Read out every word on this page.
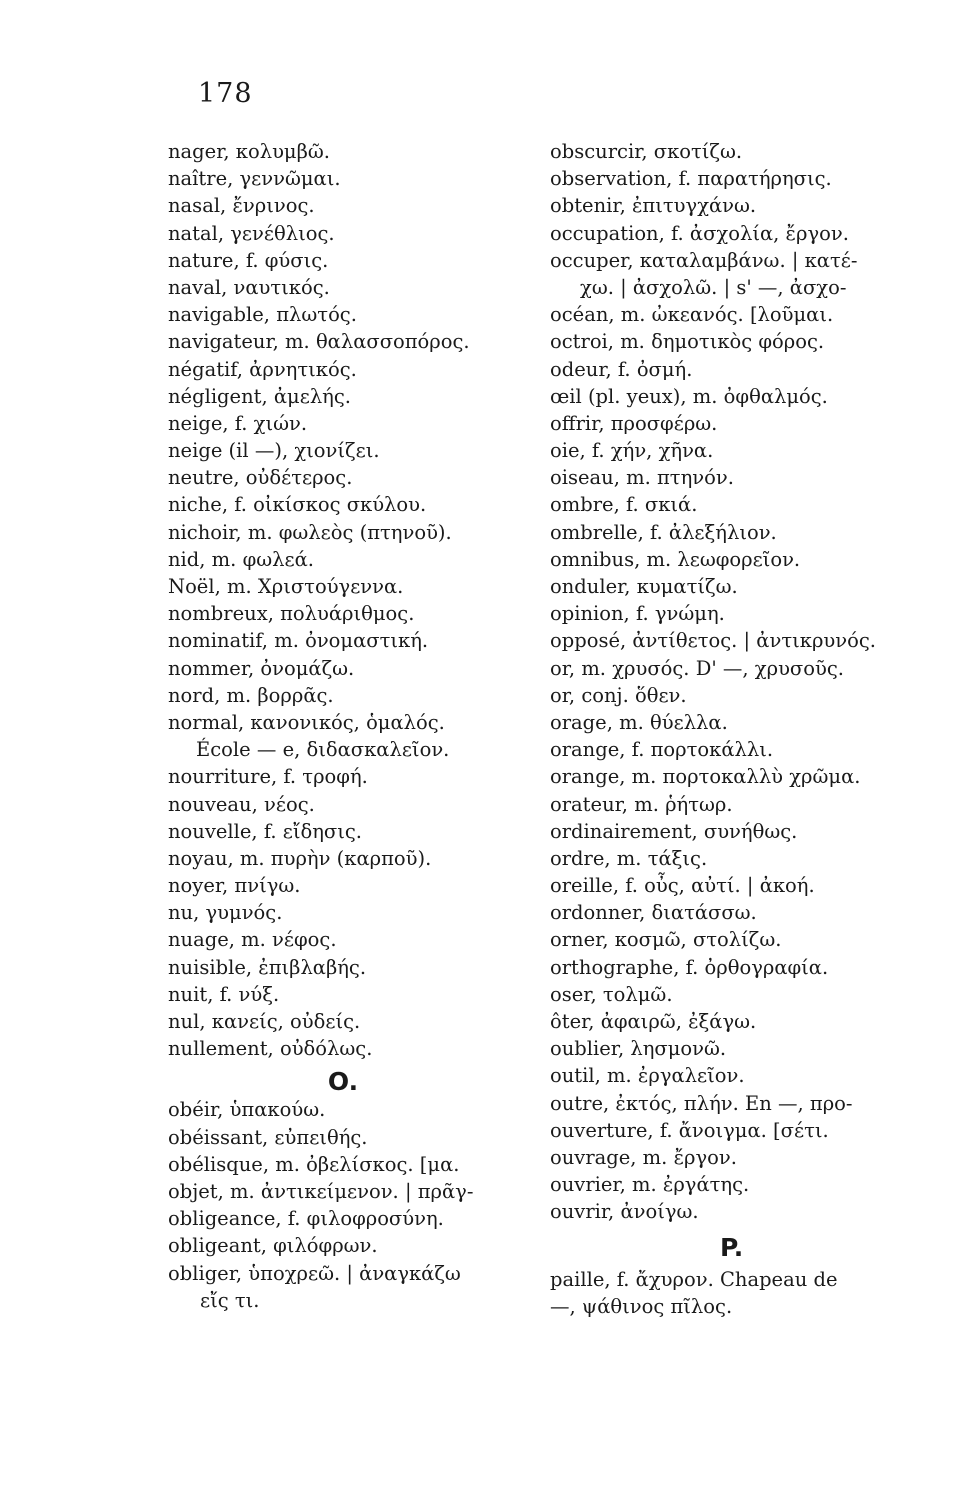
178
nager, κολυμβῶ.
naître, γεννῶμαι.
nasal, ἔνρινος.
natal, γενέθλιος.
nature, f. φύσις.
naval, ναυτικός.
navigable, πλωτός.
navigateur, m. θαλασσοπόρος.
négatif, ἀρνητικός.
négligent, ἀμελής.
neige, f. χιών.
neige (il —), χιονίζει.
neutre, οὐδέτερος.
niche, f. οἰκίσκος σκύλου.
nichoir, m. φωλεὸς (πτηνοῦ).
nid, m. φωλεά.
Noël, m. Χριστούγεννα.
nombreux, πολυάριθμος.
nominatif, m. ὀνομαστική.
nommer, ὀνομάζω.
nord, m. βορρᾶς.
normal, κανονικός, ὁμαλός.
École — e, διδασκαλεῖον.
nourriture, f. τροφή.
nouveau, νέος.
nouvelle, f. εἴδησις.
noyau, m. πυρὴν (καρποῦ).
noyer, πνίγω.
nu, γυμνός.
nuage, m. νέφος.
nuisible, ἐπιβλαβής.
nuit, f. νύξ.
nul, κανείς, οὐδείς.
nullement, οὐδόλως.
O.
obéir, ὑπακούω.
obéissant, εὐπειθής.
obélisque, m. ὀβελίσκος. [μα.
objet, m. ἀντικείμενον. | πρᾶγ-
obligeance, f. φιλοφροσύνη.
obligeant, φιλόφρων.
obliger, ὑποχρεῶ. | ἀναγκάζω
εἴς τι.
obscurcir, σκοτίζω.
observation, f. παρατήρησις.
obtenir, ἐπιτυγχάνω.
occupation, f. ἀσχολία, ἔργον.
occuper, καταλαμβάνω. | κατέ-
χω. | ἀσχολῶ. | s' —, ἀσχο-
océan, m. ὠκεανός. [λοῦμαι.
octroi, m. δημοτικὸς φόρος.
odeur, f. ὀσμή.
œil (pl. yeux), m. ὀφθαλμός.
offrir, προσφέρω.
oie, f. χήν, χῆνα.
oiseau, m. πτηνόν.
ombre, f. σκιά.
ombrelle, f. ἀλεξήλιον.
omnibus, m. λεωφορεῖον.
onduler, κυματίζω.
opinion, f. γνώμη.
opposé, ἀντίθετος. | ἀντικρυνός.
or, m. χρυσός. D' —, χρυσοῦς.
or, conj. ὅθεν.
orage, m. θύελλα.
orange, f. πορτοκάλλι.
orange, m. πορτοκαλλὺ χρῶμα.
orateur, m. ῥήτωρ.
ordinairement, συνήθως.
ordre, m. τάξις.
oreille, f. οὖς, αὐτί. | ἀκοή.
ordonner, διατάσσω.
orner, κοσμῶ, στολίζω.
orthographe, f. ὀρθογραφία.
oser, τολμῶ.
ôter, ἀφαιρῶ, ἐξάγω.
oublier, λησμονῶ.
outil, m. ἐργαλεῖον.
outre, ἐκτός, πλήν. En —, προ-
ouverture, f. ἄνοιγμα. [σέτι.
ouvrage, m. ἔργον.
ouvrier, m. ἐργάτης.
ouvrir, ἀνοίγω.
P.
paille, f. ἄχυρον. Chapeau de
—, ψάθινος πῖλος.
